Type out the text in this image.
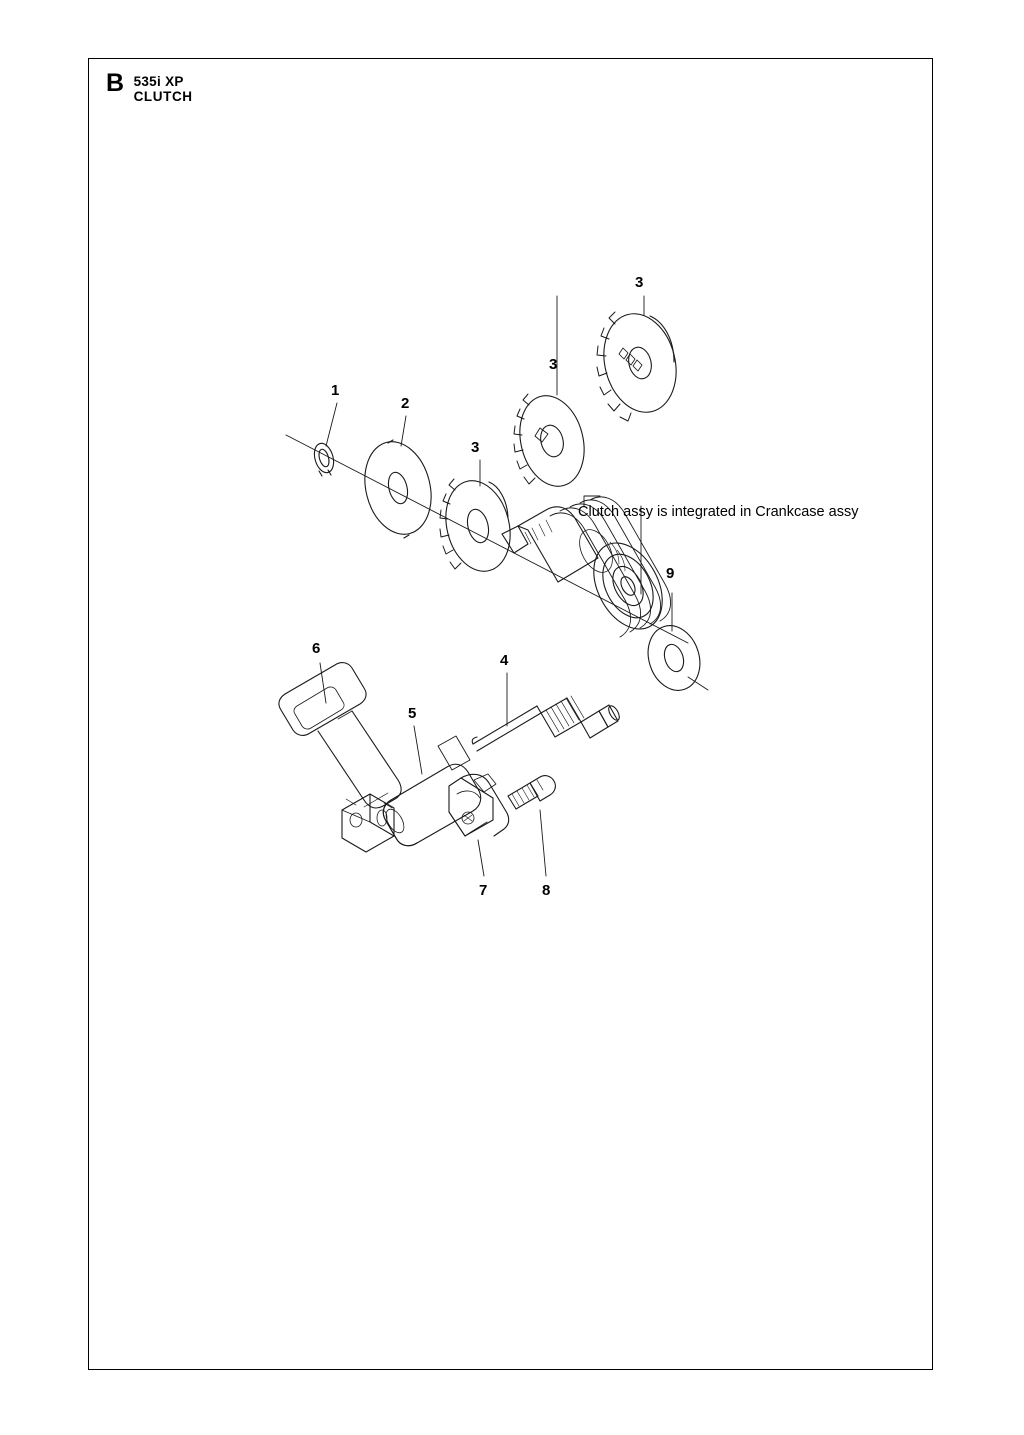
B 535i XP
CLUTCH
1
2
3
3
3
9
6
4
5
7	8
Clutch assy is integrated in Crankcase assy
